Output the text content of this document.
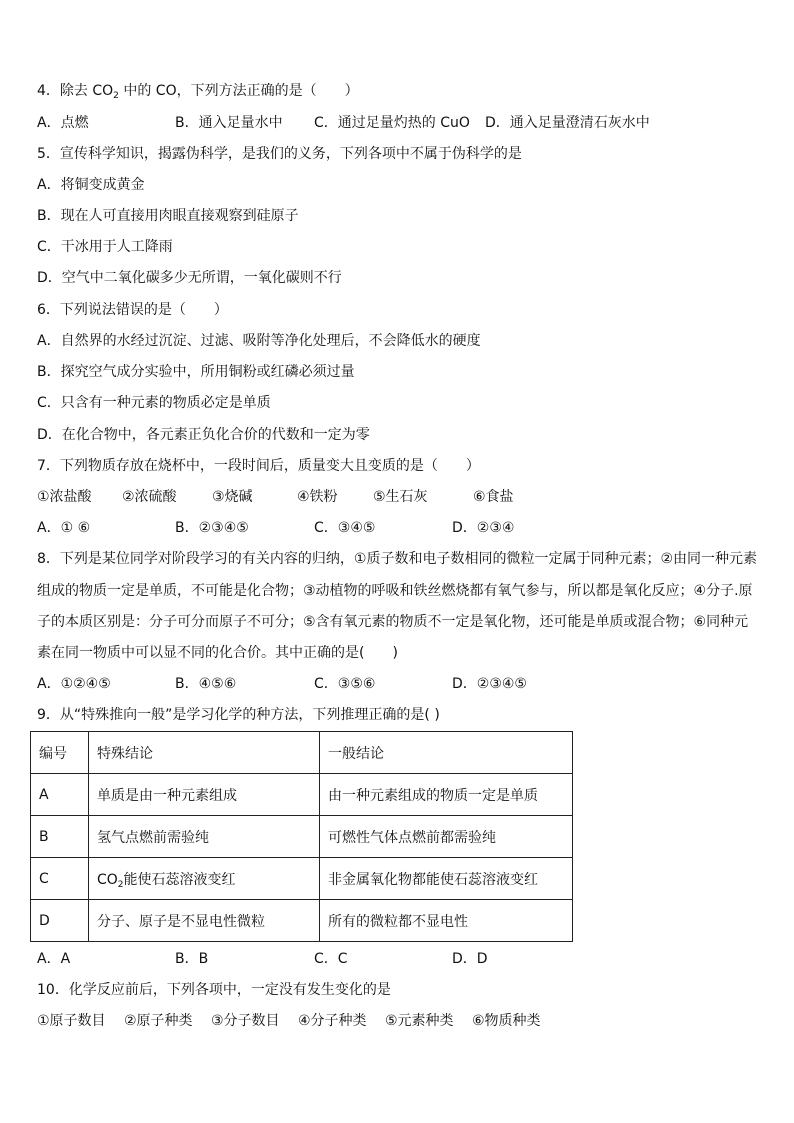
4．除去 $CO_2$ 中的 CO，下列方法正确的是（　　）
A．点燃	B．通入足量水中 C．通过足量灼热的 CuO D．通入足量澄清石灰水中
5．宣传科学知识，揭露伪科学，是我们的义务，下列各项中不属于伪科学的是
A．将铜变成黄金
B．现在人可直接用肉眼直接观察到硅原子
C．干冰用于人工降雨
D．空气中二氧化碳多少无所谓，一氧化碳则不行
6．下列说法错误的是（　　）
A．自然界的水经过沉淀、过滤、吸附等净化处理后，不会降低水的硬度
B．探究空气成分实验中，所用铜粉或红磷必须过量
C．只含有一种元素的物质必定是单质
D．在化合物中，各元素正负化合价的代数和一定为零
7．下列物质存放在烧杯中，一段时间后，质量变大且变质的是（　　）
①浓盐酸 ②浓硫酸	③烧碱	④铁粉	⑤生石灰	⑥食盐
A．① ⑥	B．②③④⑤	C．③④⑤	D．②③④
8．下列是某位同学对阶段学习的有关内容的归纳，①质子数和电子数相同的微粒一定属于同种元素；②由同一种元素
组成的物质一定是单质，不可能是化合物；③动植物的呼吸和铁丝燃烧都有氧气参与，所以都是氧化反应；④分子.原
子的本质区别是：分子可分而原子不可分；⑤含有氧元素的物质不一定是氧化物，还可能是单质或混合物；⑥同种元
素在同一物质中可以显不同的化合价。其中正确的是(　　)
A．①②④⑤	B．④⑤⑥	C．③⑤⑥	D．②③④⑤
9．从“特殊推向一般”是学习化学的种方法，下列推理正确的是( )
编号	特殊结论	一般结论
A	单质是由一种元素组成	由一种元素组成的物质一定是单质
B	氢气点燃前需验纯	可燃性气体点燃前都需验纯
C	$CO_2$能使石蕊溶液变红	非金属氧化物都能使石蕊溶液变红
D	分子、原子是不显电性微粒	所有的微粒都不显电性
A．A	B．B	C．C	D．D
10．化学反应前后，下列各项中，一定没有发生变化的是
①原子数目 ②原子种类 ③分子数目 ④分子种类 ⑤元素种类 ⑥物质种类
